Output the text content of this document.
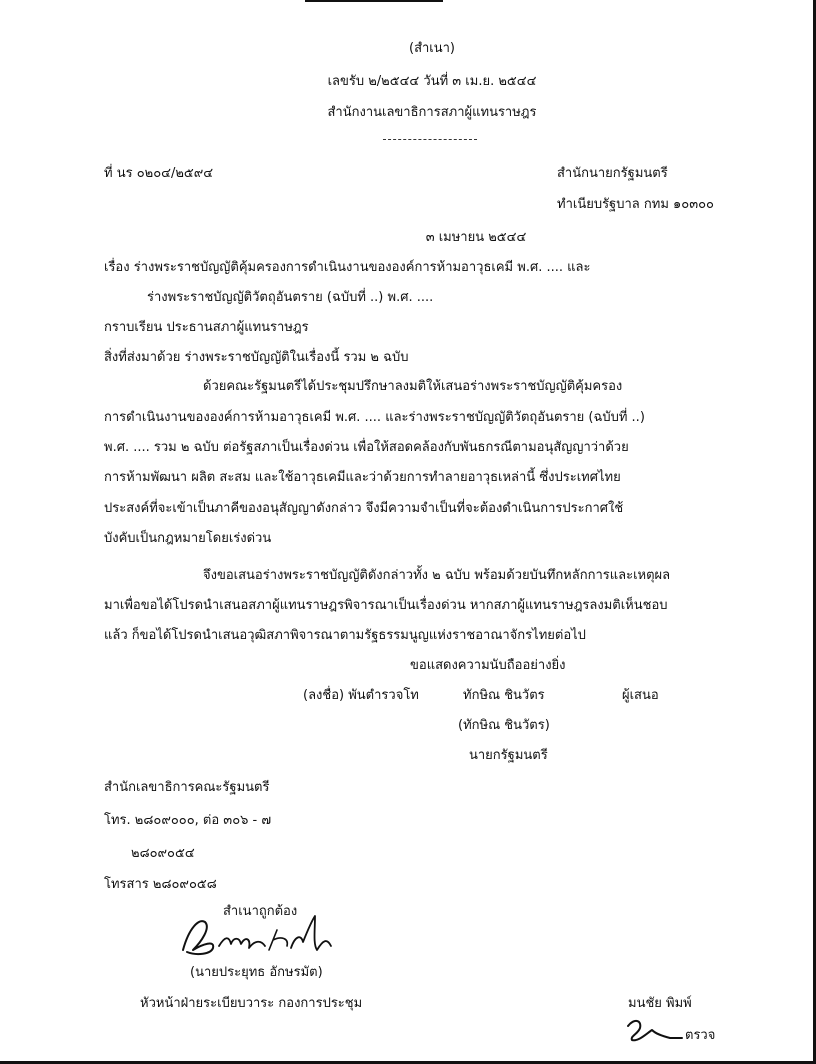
(สำเนา)
เลขรับ ๒/๒๕๔๔ วันที่ ๓ เม.ย. ๒๕๔๔
สำนักงานเลขาธิการสภาผู้แทนราษฎร
ที่ นร ๐๒๐๔/๒๕๙๔	สำนักนายกรัฐมนตรี
ทำเนียบรัฐบาล กทม ๑๐๓๐๐
๓ เมษายน ๒๕๔๔
เรื่อง ร่างพระราชบัญญัติคุ้มครองการดำเนินงานขององค์การห้ามอาวุธเคมี พ.ศ. .... และ
ร่างพระราชบัญญัติวัตถุอันตราย (ฉบับที่ ..) พ.ศ. ....
กราบเรียน ประธานสภาผู้แทนราษฎร
สิ่งที่ส่งมาด้วย ร่างพระราชบัญญัติในเรื่องนี้ รวม ๒ ฉบับ
ด้วยคณะรัฐมนตรีได้ประชุมปรึกษาลงมติให้เสนอร่างพระราชบัญญัติคุ้มครอง
การดำเนินงานขององค์การห้ามอาวุธเคมี พ.ศ. .... และร่างพระราชบัญญัติวัตถุอันตราย (ฉบับที่ ..)
พ.ศ. .... รวม ๒ ฉบับ ต่อรัฐสภาเป็นเรื่องด่วน เพื่อให้สอดคล้องกับพันธกรณีตามอนุสัญญาว่าด้วย
การห้ามพัฒนา ผลิต สะสม และใช้อาวุธเคมีและว่าด้วยการทำลายอาวุธเหล่านี้ ซึ่งประเทศไทย
ประสงค์ที่จะเข้าเป็นภาคีของอนุสัญญาดังกล่าว จึงมีความจำเป็นที่จะต้องดำเนินการประกาศใช้
บังคับเป็นกฎหมายโดยเร่งด่วน
จึงขอเสนอร่างพระราชบัญญัติดังกล่าวทั้ง ๒ ฉบับ พร้อมด้วยบันทึกหลักการและเหตุผล
มาเพื่อขอได้โปรดนำเสนอสภาผู้แทนราษฎรพิจารณาเป็นเรื่องด่วน หากสภาผู้แทนราษฎรลงมติเห็นชอบ
แล้ว ก็ขอได้โปรดนำเสนอวุฒิสภาพิจารณาตามรัฐธรรมนูญแห่งราชอาณาจักรไทยต่อไป
ขอแสดงความนับถืออย่างยิ่ง
(ลงชื่อ) พันตำรวจโท	ทักษิณ ชินวัตร	ผู้เสนอ
(ทักษิณ ชินวัตร)
นายกรัฐมนตรี
สำนักเลขาธิการคณะรัฐมนตรี
โทร. ๒๘๐๙๐๐๐, ต่อ ๓๐๖ - ๗
๒๘๐๙๐๕๔
โทรสาร ๒๘๐๙๐๕๘
สำเนาถูกต้อง
(นายประยุทธ อักษรมัต)
หัวหน้าฝ่ายระเบียบวาระ กองการประชุม	มนชัย พิมพ์
ตรวจ
